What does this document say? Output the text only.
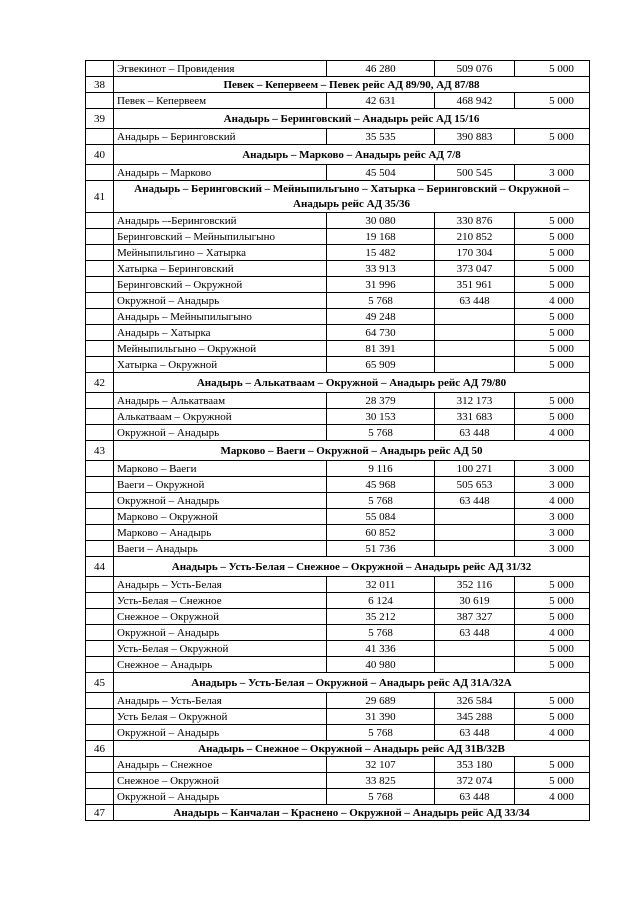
	Эгвекинот – Провидения	46 280	509 076	5 000
38	Певек – Кепервеем – Певек рейс АД 89/90, АД 87/88			
	Певек – Кепервеем	42 631	468 942	5 000
39	Анадырь – Беринговский – Анадырь рейс АД 15/16			
	Анадырь – Беринговский	35 535	390 883	5 000
40	Анадырь – Марково – Анадырь рейс АД 7/8			
	Анадырь – Марково	45 504	500 545	3 000
41	Анадырь – Беринговский – Мейныпильгыно – Хатырка – Беринговский – Окружной – Анадырь рейс АД 35/36			
	Анадырь –-Беринговский	30 080	330 876	5 000
	Беринговский – Мейныпилыгыно	19 168	210 852	5 000
	Мейныпильгино – Хатырка	15 482	170 304	5 000
	Хатырка – Беринговский	33 913	373 047	5 000
	Беринговский – Окружной	31 996	351 961	5 000
	Окружной – Анадырь	5 768	63 448	4 000
	Анадырь – Мейныпилыгыно	49 248		5 000
	Анадырь – Хатырка	64 730		5 000
	Мейныпильгыно – Окружной	81 391		5 000
	Хатырка – Окружной	65 909		5 000
42	Анадырь – Алькатваам – Окружной – Анадырь рейс АД 79/80			
	Анадырь – Алькатваам	28 379	312 173	5 000
	Алькатваам – Окружной	30 153	331 683	5 000
	Окружной – Анадырь	5 768	63 448	4 000
43	Марково – Ваеги – Окружной – Анадырь рейс АД 50			
	Марково – Ваеги	9 116	100 271	3 000
	Ваеги – Окружной	45 968	505 653	3 000
	Окружной – Анадырь	5 768	63 448	4 000
	Марково – Окружной	55 084		3 000
	Марково – Анадырь	60 852		3 000
	Ваеги – Анадырь	51 736		3 000
44	Анадырь – Усть-Белая – Снежное – Окружной – Анадырь рейс АД 31/32			
	Анадырь – Усть-Белая	32 011	352 116	5 000
	Усть-Белая – Снежное	6 124	30 619	5 000
	Снежное – Окружной	35 212	387 327	5 000
	Окружной – Анадырь	5 768	63 448	4 000
	Усть-Белая – Окружной	41 336		5 000
	Снежное – Анадырь	40 980		5 000
45	Анадырь – Усть-Белая – Окружной – Анадырь рейс АД 31А/32А			
	Анадырь – Усть-Белая	29 689	326 584	5 000
	Усть Белая – Окружной	31 390	345 288	5 000
	Окружной – Анадырь	5 768	63 448	4 000
46	Анадырь – Снежное – Окружной – Анадырь рейс АД 31В/32В			
	Анадырь – Снежное	32 107	353 180	5 000
	Снежное – Окружной	33 825	372 074	5 000
	Окружной – Анадырь	5 768	63 448	4 000
47	Анадырь – Канчалан – Краснено – Окружной – Анадырь рейс АД 33/34			
